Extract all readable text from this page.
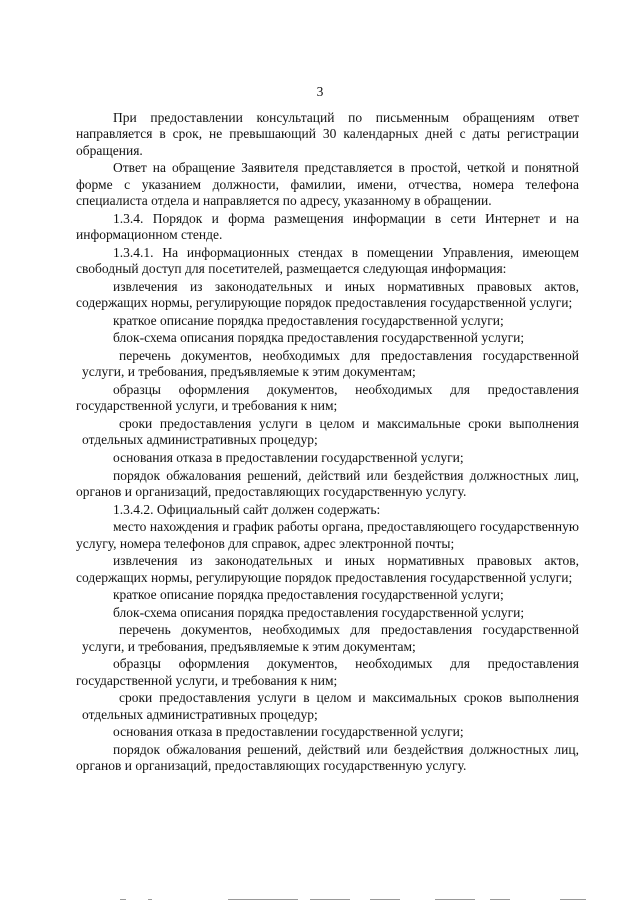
3

При предоставлении консультаций по письменным обращениям ответ направляется в срок, не превышающий 30 календарных дней с даты регистрации обращения.

Ответ на обращение Заявителя представляется в простой, четкой и понятной форме с указанием должности, фамилии, имени, отчества, номера телефона специалиста отдела и направляется по адресу, указанному в обращении.

1.3.4. Порядок и форма размещения информации в сети Интернет и на информационном стенде.

1.3.4.1. На информационных стендах в помещении Управления, имеющем свободный доступ для посетителей, размещается следующая информация:

извлечения из законодательных и иных нормативных правовых актов, содержащих нормы, регулирующие порядок предоставления государственной услуги;

краткое описание порядка предоставления государственной услуги;

блок-схема описания порядка предоставления государственной услуги;

перечень документов, необходимых для предоставления государственной услуги, и требования, предъявляемые к этим документам;

образцы оформления документов, необходимых для предоставления государственной услуги, и требования к ним;

сроки предоставления услуги в целом и максимальные сроки выполнения отдельных административных процедур;

основания отказа в предоставлении государственной услуги;

порядок обжалования решений, действий или бездействия должностных лиц, органов и организаций, предоставляющих государственную услугу.

1.3.4.2. Официальный сайт должен содержать:

место нахождения и график работы органа, предоставляющего государственную услугу, номера телефонов для справок, адрес электронной почты;

извлечения из законодательных и иных нормативных правовых актов, содержащих нормы, регулирующие порядок предоставления государственной услуги;

краткое описание порядка предоставления государственной услуги;

блок-схема описания порядка предоставления государственной услуги;

перечень документов, необходимых для предоставления государственной услуги, и требования, предъявляемые к этим документам;

образцы оформления документов, необходимых для предоставления государственной услуги, и требования к ним;

сроки предоставления услуги в целом и максимальных сроков выполнения отдельных административных процедур;

основания отказа в предоставлении государственной услуги;

порядок обжалования решений, действий или бездействия должностных лиц, органов и организаций, предоставляющих государственную услугу.
